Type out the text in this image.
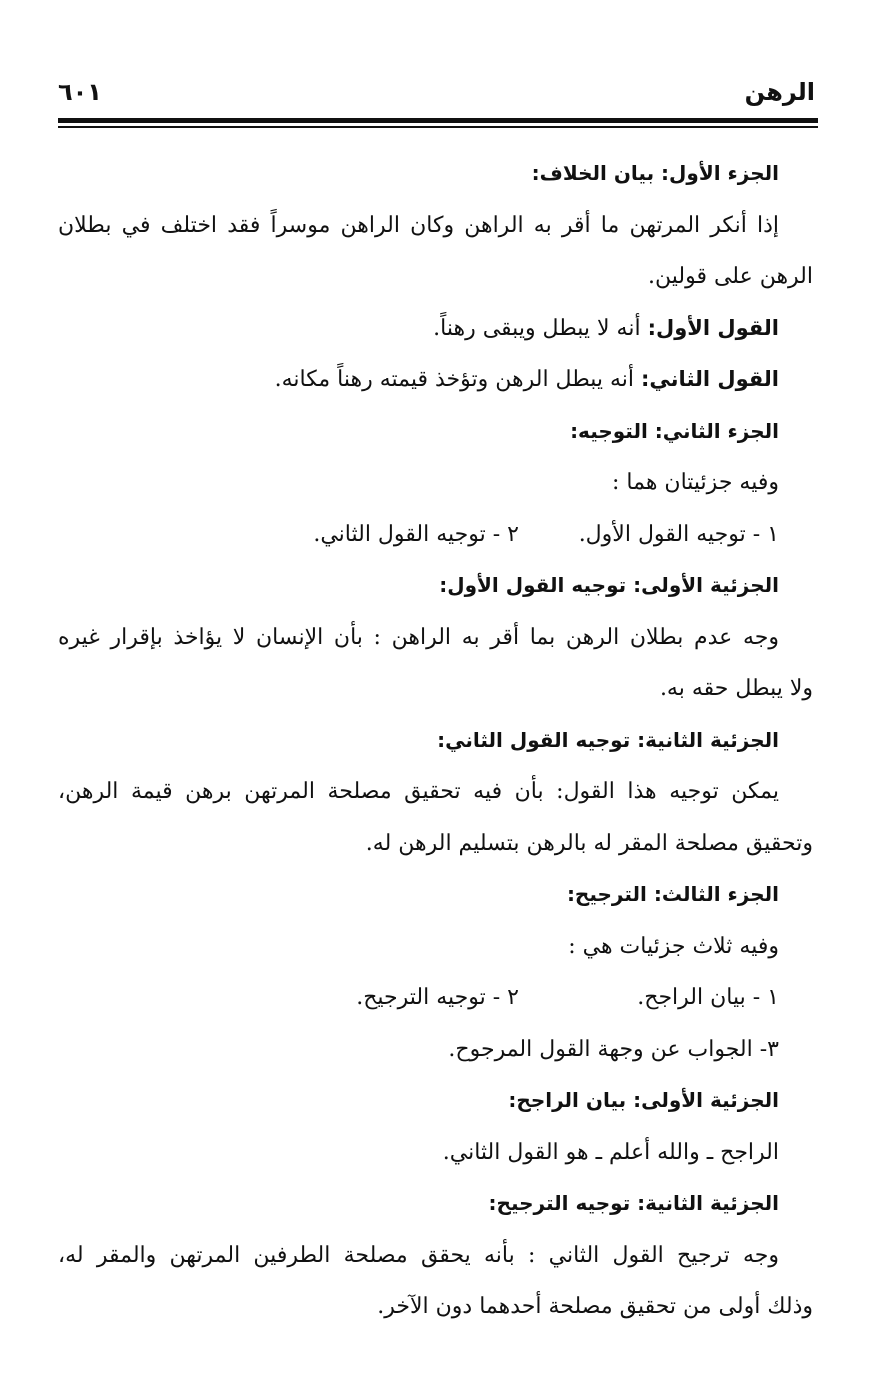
الرهن
٦٠١
الجزء الأول: بيان الخلاف:
إذا أنكر المرتهن ما أقر به الراهن وكان الراهن موسراً فقد اختلف في بطلان
الرهن على قولين.
القول الأول: أنه لا يبطل ويبقى رهناً.
القول الثاني: أنه يبطل الرهن وتؤخذ قيمته رهناً مكانه.
الجزء الثاني: التوجيه:
وفيه جزئيتان هما :
١ - توجيه القول الأول.
٢ - توجيه القول الثاني.
الجزئية الأولى: توجيه القول الأول:
وجه عدم بطلان الرهن بما أقر به الراهن : بأن الإنسان لا يؤاخذ بإقرار غيره
ولا يبطل حقه به.
الجزئية الثانية: توجيه القول الثاني:
يمكن توجيه هذا القول: بأن فيه تحقيق مصلحة المرتهن برهن قيمة الرهن،
وتحقيق مصلحة المقر له بالرهن بتسليم الرهن له.
الجزء الثالث: الترجيح:
وفيه ثلاث جزئيات هي :
١ - بيان الراجح.
٢ - توجيه الترجيح.
٣- الجواب عن وجهة القول المرجوح.
الجزئية الأولى: بيان الراجح:
الراجح ـ والله أعلم ـ هو القول الثاني.
الجزئية الثانية: توجيه الترجيح:
وجه ترجيح القول الثاني : بأنه يحقق مصلحة الطرفين المرتهن والمقر له،
وذلك أولى من تحقيق مصلحة أحدهما دون الآخر.
